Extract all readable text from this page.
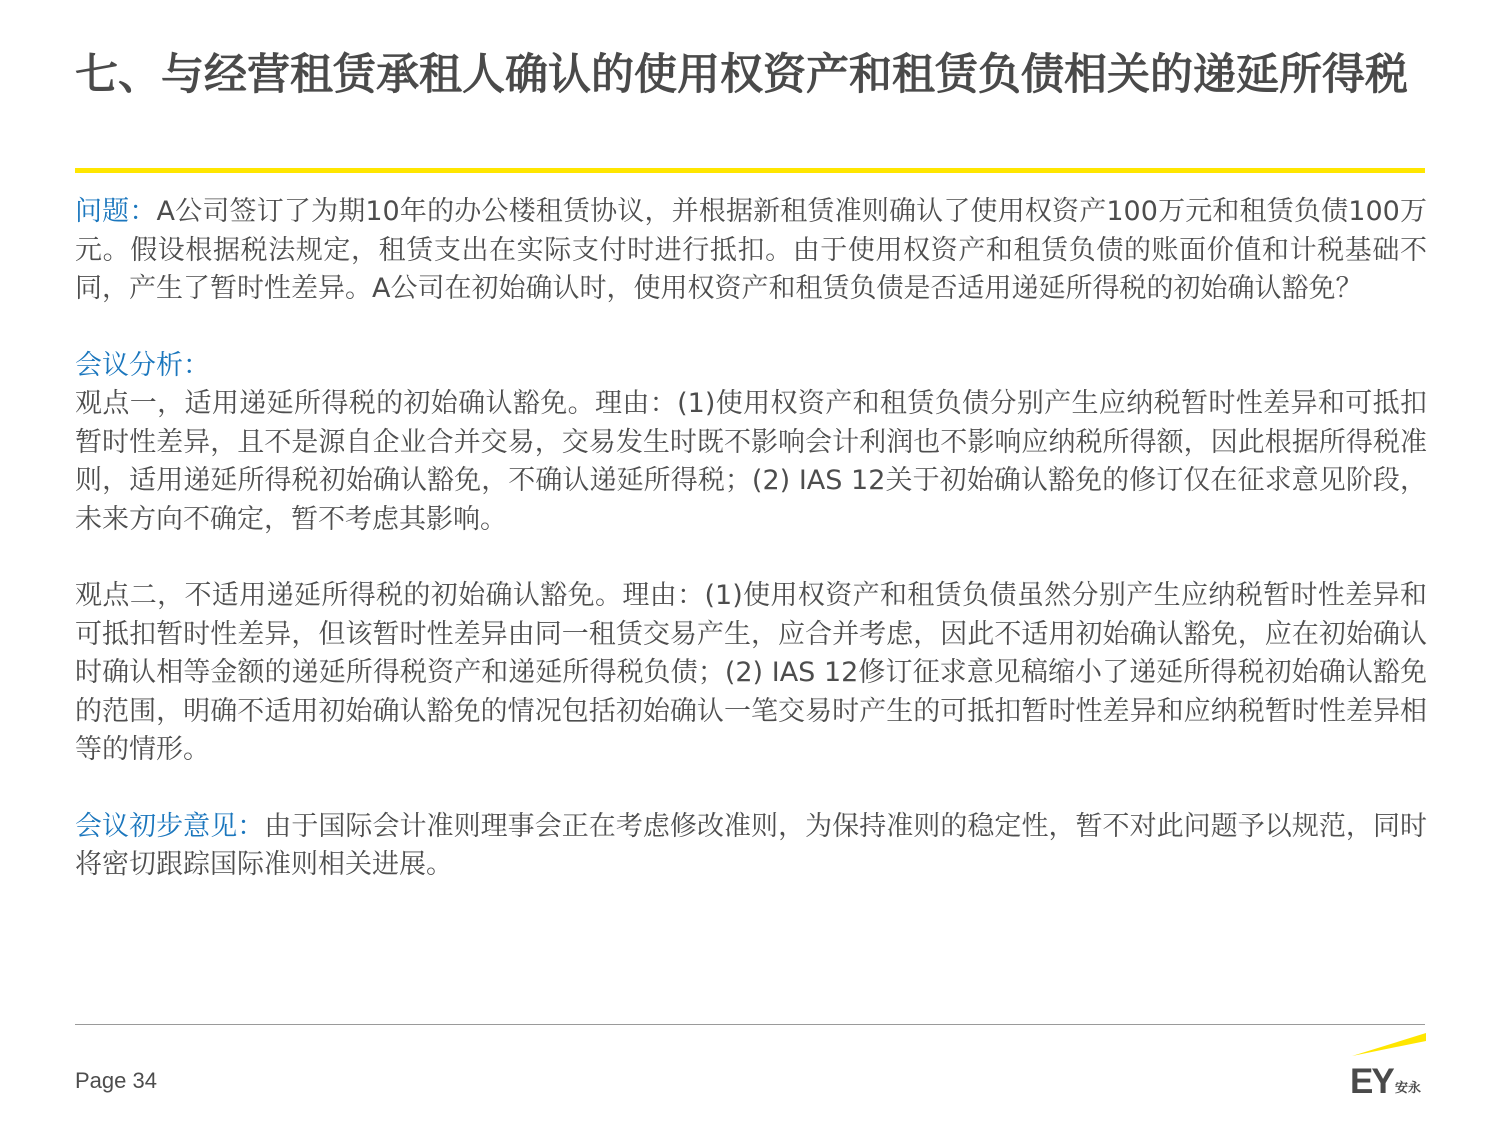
七、与经营租赁承租人确认的使用权资产和租赁负债相关的递延所得税

问题：A公司签订了为期10年的办公楼租赁协议，并根据新租赁准则确认了使用权资产100万元和租赁负债100万元。假设根据税法规定，租赁支出在实际支付时进行抵扣。由于使用权资产和租赁负债的账面价值和计税基础不同，产生了暂时性差异。A公司在初始确认时，使用权资产和租赁负债是否适用递延所得税的初始确认豁免？

会议分析：

观点一，适用递延所得税的初始确认豁免。理由：(1)使用权资产和租赁负债分别产生应纳税暂时性差异和可抵扣暂时性差异，且不是源自企业合并交易，交易发生时既不影响会计利润也不影响应纳税所得额，因此根据所得税准则，适用递延所得税初始确认豁免，不确认递延所得税；(2) IAS 12关于初始确认豁免的修订仅在征求意见阶段，未来方向不确定，暂不考虑其影响。

观点二，不适用递延所得税的初始确认豁免。理由：(1)使用权资产和租赁负债虽然分别产生应纳税暂时性差异和可抵扣暂时性差异，但该暂时性差异由同一租赁交易产生，应合并考虑，因此不适用初始确认豁免，应在初始确认时确认相等金额的递延所得税资产和递延所得税负债；(2) IAS 12修订征求意见稿缩小了递延所得税初始确认豁免的范围，明确不适用初始确认豁免的情况包括初始确认一笔交易时产生的可抵扣暂时性差异和应纳税暂时性差异相等的情形。

会议初步意见：由于国际会计准则理事会正在考虑修改准则，为保持准则的稳定性，暂不对此问题予以规范，同时将密切跟踪国际准则相关进展。

Page 34	EY 安永
